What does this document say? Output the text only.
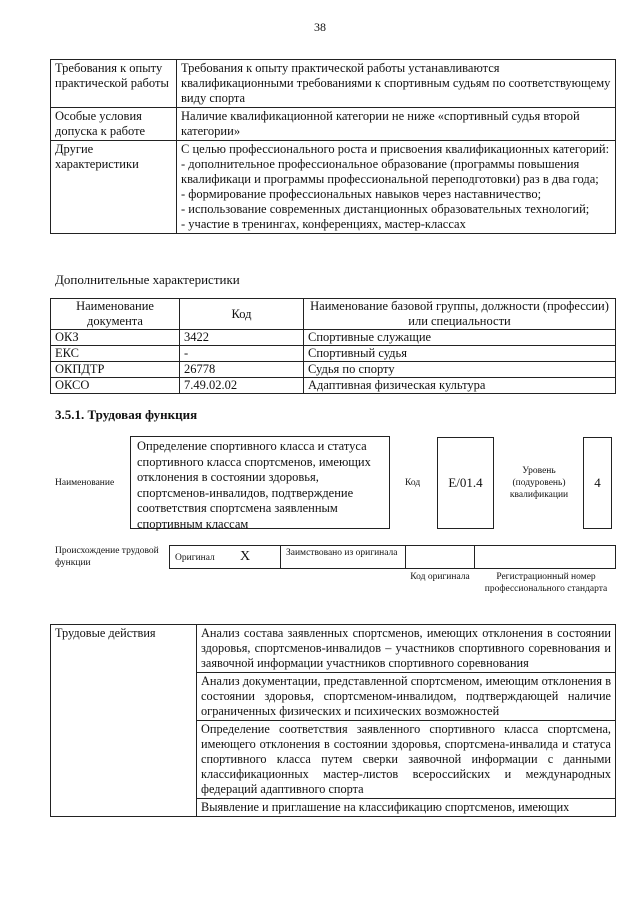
38
Требования к опыту практической работы	Требования к опыту практической работы устанавливаются квалификационными требованиями к спортивным судьям по соответствующему виду спорта
Особые условия допуска к работе	Наличие квалификационной категории не ниже «спортивный судья второй категории»
Другие характеристики	С целью профессионального роста и присвоения квалификационных категорий:
- дополнительное профессиональное образование (программы повышения квалификаци и программы профессиональной переподготовки) раз в два года;
- формирование профессиональных навыков через наставничество;
- использование современных дистанционных образовательных технологий;
- участие в тренингах, конференциях, мастер-классах
Дополнительные характеристики
Наименование документа	Код	Наименование базовой группы, должности (профессии) или специальности
ОКЗ	3422	Спортивные служащие
ЕКС	-	Спортивный судья
ОКПДТР	26778	Судья по спорту
ОКСО	7.49.02.02	Адаптивная физическая культура
3.5.1. Трудовая функция
Наименование
Определение спортивного класса и статуса спортивного класса спортсменов, имеющих отклонения в состоянии здоровья, спортсменов-инвалидов, подтверждение соответствия спортсмена заявленным спортивным классам
Код Е/01.4
Уровень (подуровень) квалификации
4
Происхождение трудовой функции	Оригинал X	Заимствовано из оригинала
Код оригинала	Регистрационный номер профессионального стандарта
Трудовые действия	Анализ состава заявленных спортсменов, имеющих отклонения в состоянии здоровья, спортсменов-инвалидов – участников спортивного соревнования и заявочной информации участников спортивного соревнования
Анализ документации, представленной спортсменом, имеющим отклонения в состоянии здоровья, спортсменом-инвалидом, подтверждающей наличие ограниченных физических и психических возможностей
Определение соответствия заявленного спортивного класса спортсмена, имеющего отклонения в состоянии здоровья, спортсмена-инвалида и статуса спортивного класса путем сверки заявочной информации с данными классификационных мастер-листов всероссийских и международных федераций адаптивного спорта
Выявление и приглашение на классификацию спортсменов, имеющих
